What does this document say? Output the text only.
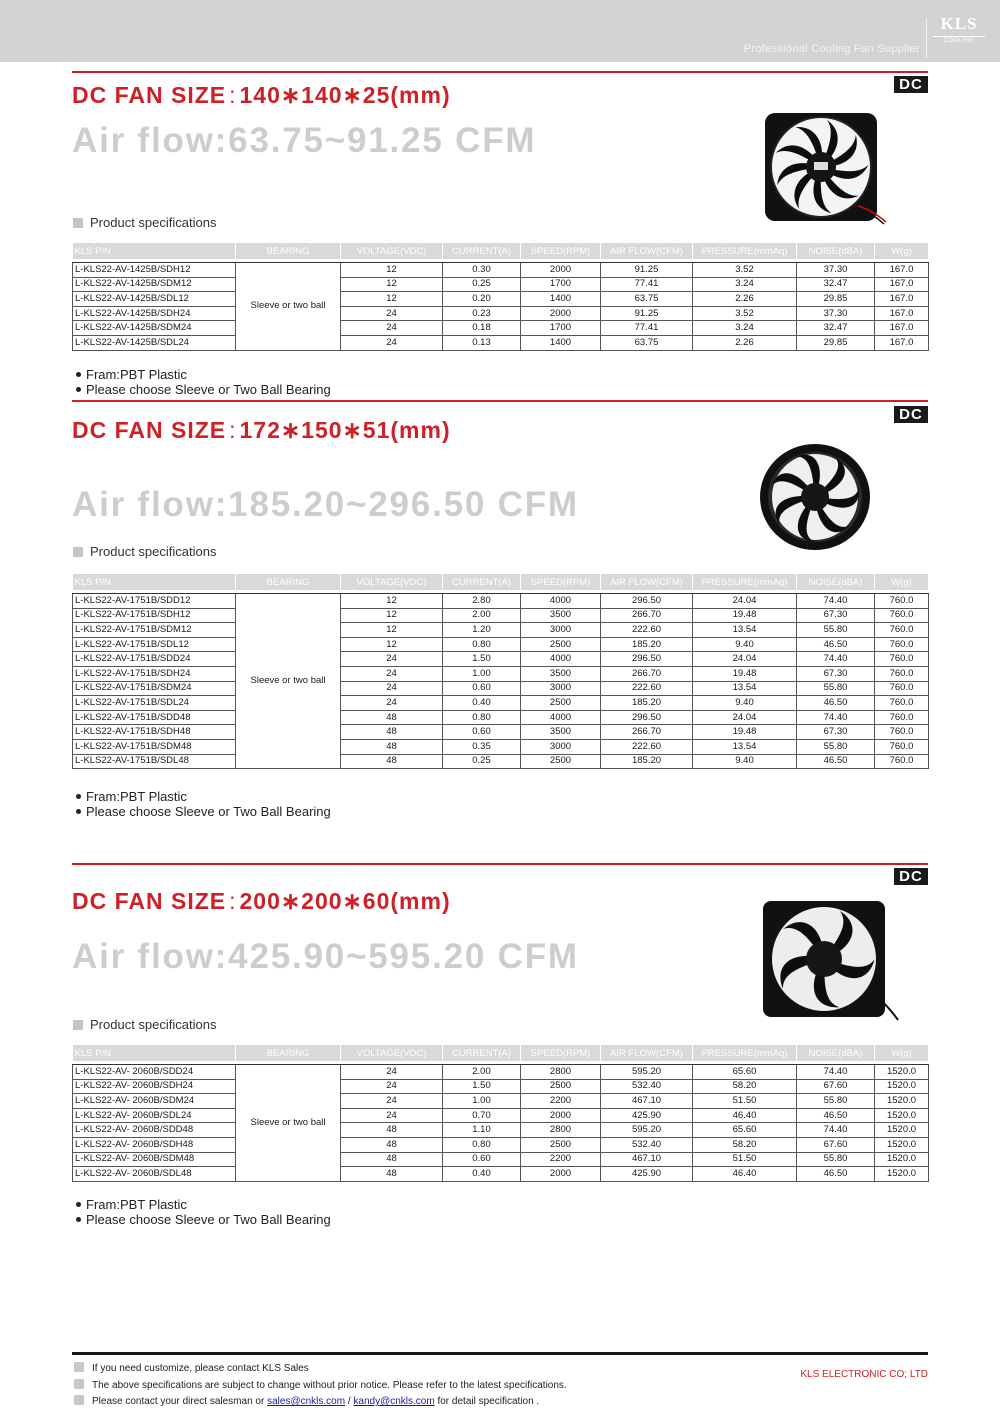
Professional Cooling Fan Supplier
KLS
COOLING
DC
DC FAN SIZE : 140∗140∗25(mm)
Air flow:63.75~91.25 CFM
Product specifications
KLS P/N	BEARING	VOLTAGE(VDC)	CURRENT(A)	SPEED(RPM)	AIR FLOW(CFM)	PRESSURE(mmAq)	NOISE(dBA)	W(g)

L-KLS22-AV-1425B/SDH12	Sleeve or two ball	12	0.30	2000	91.25	3.52	37.30	167.0
L-KLS22-AV-1425B/SDM12		12	0.25	1700	77.41	3.24	32.47	167.0
L-KLS22-AV-1425B/SDL12		12	0.20	1400	63.75	2.26	29.85	167.0
L-KLS22-AV-1425B/SDH24		24	0.23	2000	91.25	3.52	37.30	167.0
L-KLS22-AV-1425B/SDM24		24	0.18	1700	77.41	3.24	32.47	167.0
L-KLS22-AV-1425B/SDL24		24	0.13	1400	63.75	2.26	29.85	167.0
Fram:PBT Plastic
Please choose Sleeve or Two Ball Bearing
DC
DC FAN SIZE : 172∗150∗51(mm)
Air flow:185.20~296.50 CFM
Product specifications
KLS P/N	BEARING	VOLTAGE(VDC)	CURRENT(A)	SPEED(RPM)	AIR FLOW(CFM)	PRESSURE(mmAq)	NOISE(dBA)	W(g)

L-KLS22-AV-1751B/SDD12	Sleeve or two ball	12	2.80	4000	296.50	24.04	74.40	760.0
L-KLS22-AV-1751B/SDH12		12	2.00	3500	266.70	19.48	67.30	760.0
L-KLS22-AV-1751B/SDM12		12	1.20	3000	222.60	13.54	55.80	760.0
L-KLS22-AV-1751B/SDL12		12	0.80	2500	185.20	9.40	46.50	760.0
L-KLS22-AV-1751B/SDD24		24	1.50	4000	296.50	24.04	74.40	760.0
L-KLS22-AV-1751B/SDH24		24	1.00	3500	266.70	19.48	67.30	760.0
L-KLS22-AV-1751B/SDM24		24	0.60	3000	222.60	13.54	55.80	760.0
L-KLS22-AV-1751B/SDL24		24	0.40	2500	185.20	9.40	46.50	760.0
L-KLS22-AV-1751B/SDD48		48	0.80	4000	296.50	24.04	74.40	760.0
L-KLS22-AV-1751B/SDH48		48	0.60	3500	266.70	19.48	67.30	760.0
L-KLS22-AV-1751B/SDM48		48	0.35	3000	222.60	13.54	55.80	760.0
L-KLS22-AV-1751B/SDL48		48	0.25	2500	185.20	9.40	46.50	760.0
Fram:PBT Plastic
Please choose Sleeve or Two Ball Bearing
DC
DC FAN SIZE : 200∗200∗60(mm)
Air flow:425.90~595.20 CFM
Product specifications
KLS P/N	BEARING	VOLTAGE(VDC)	CURRENT(A)	SPEED(RPM)	AIR FLOW(CFM)	PRESSURE(mmAq)	NOISE(dBA)	W(g)

L-KLS22-AV- 2060B/SDD24	Sleeve or two ball	24	2.00	2800	595.20	65.60	74.40	1520.0
L-KLS22-AV- 2060B/SDH24		24	1.50	2500	532.40	58.20	67.60	1520.0
L-KLS22-AV- 2060B/SDM24		24	1.00	2200	467.10	51.50	55.80	1520.0
L-KLS22-AV- 2060B/SDL24		24	0.70	2000	425.90	46.40	46.50	1520.0
L-KLS22-AV- 2060B/SDD48		48	1.10	2800	595.20	65.60	74.40	1520.0
L-KLS22-AV- 2060B/SDH48		48	0.80	2500	532.40	58.20	67.60	1520.0
L-KLS22-AV- 2060B/SDM48		48	0.60	2200	467.10	51.50	55.80	1520.0
L-KLS22-AV- 2060B/SDL48		48	0.40	2000	425.90	46.40	46.50	1520.0
Fram:PBT Plastic
Please choose Sleeve or Two Ball Bearing
If you need customize, please contact KLS Sales
The above specifications are subject to change without prior notice. Please refer to the latest specifications.
Please contact your direct salesman or sales@cnkls.com / kandy@cnkls.com for detail specification .
KLS ELECTRONIC CO; LTD
